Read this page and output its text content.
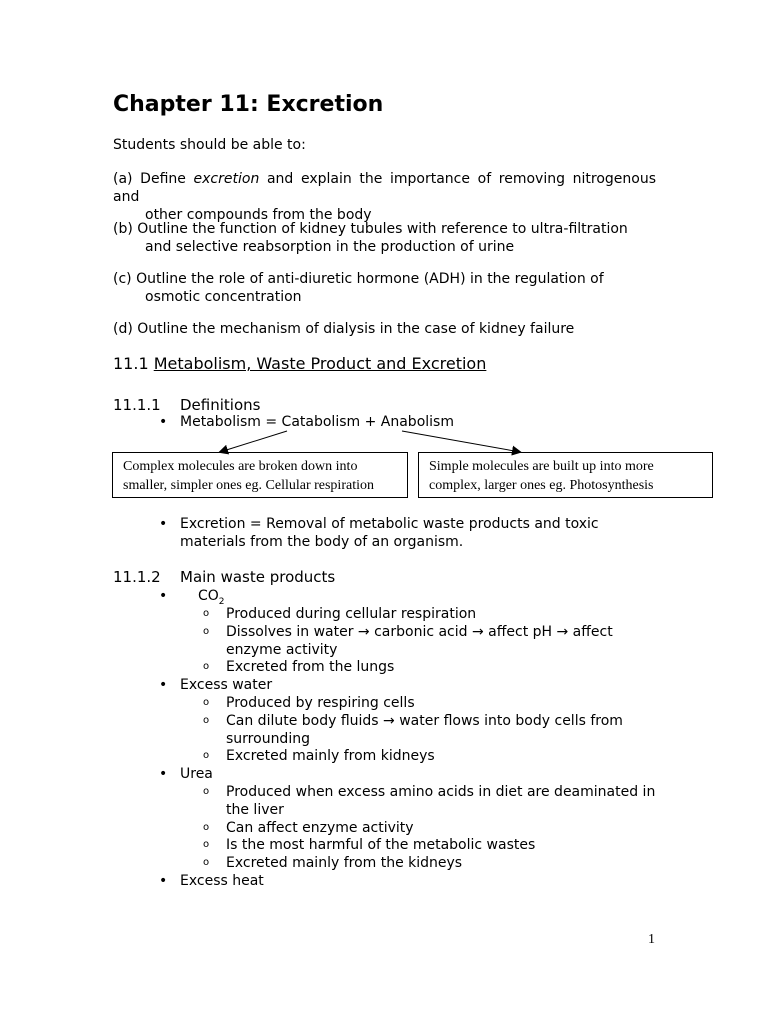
Chapter 11: Excretion
Students should be able to:
(a) Define excretion and explain the importance of removing nitrogenous and
other compounds from the body
(b) Outline the function of kidney tubules with reference to ultra-filtration
and selective reabsorption in the production of urine
(c) Outline the role of anti-diuretic hormone (ADH) in the regulation of
osmotic concentration
(d) Outline the mechanism of dialysis in the case of kidney failure
11.1 Metabolism, Waste Product and Excretion
11.1.1 Definitions
• Metabolism = Catabolism + Anabolism
Complex molecules are broken down into
smaller, simpler ones eg. Cellular respiration
Simple molecules are built up into more
complex, larger ones eg. Photosynthesis
• Excretion = Removal of metabolic waste products and toxic
materials from the body of an organism.
11.1.2 Main waste products
• $CO_2$
o Produced during cellular respiration
o Dissolves in water → carbonic acid → affect pH → affect
enzyme activity
o Excreted from the lungs
• Excess water
o Produced by respiring cells
o Can dilute body fluids → water flows into body cells from
surrounding
o Excreted mainly from kidneys
• Urea
o Produced when excess amino acids in diet are deaminated in
the liver
o Can affect enzyme activity
o Is the most harmful of the metabolic wastes
o Excreted mainly from the kidneys
• Excess heat
1
